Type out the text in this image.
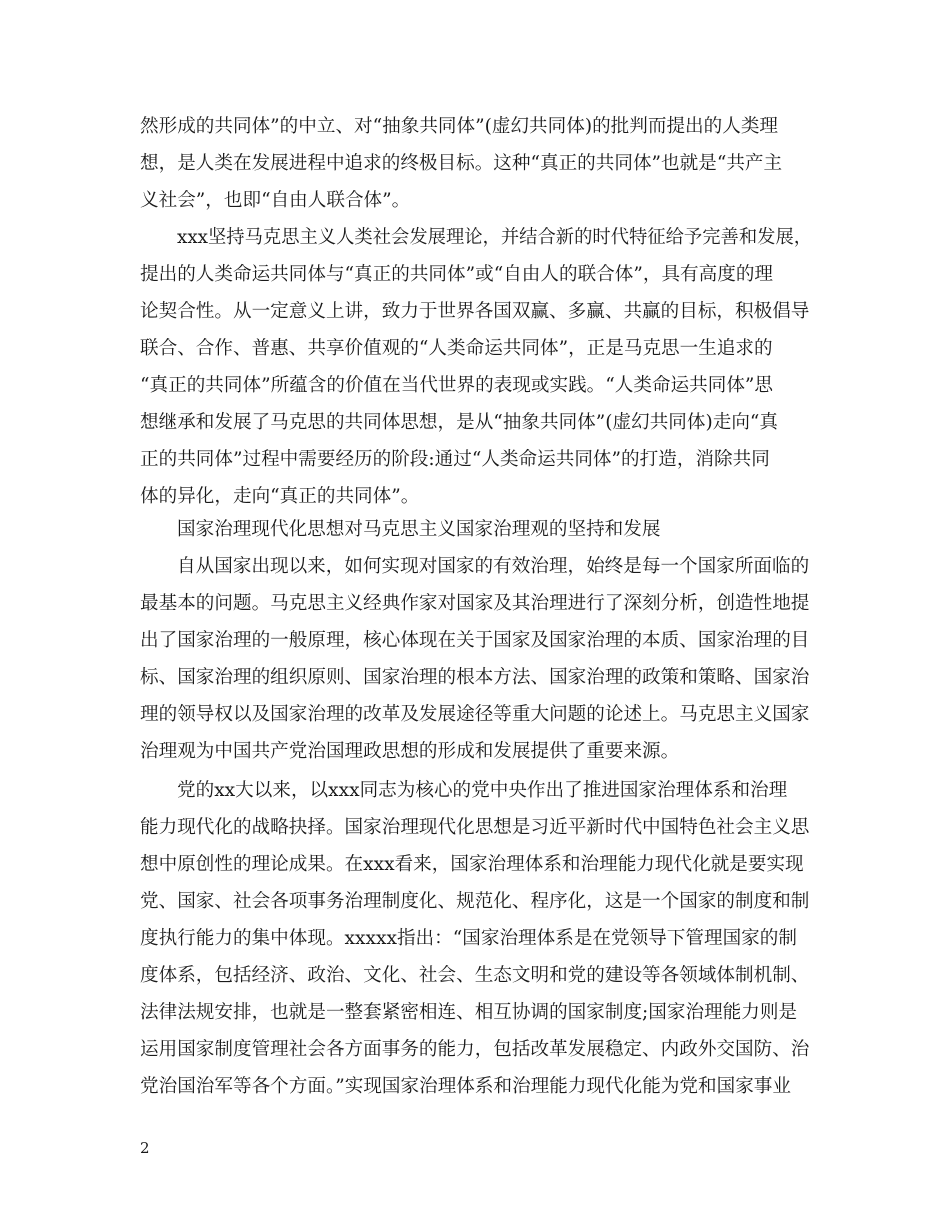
然形成的共同体”的中立、对“抽象共同体”(虚幻共同体)的批判而提出的人类理
想，是人类在发展进程中追求的终极目标。这种“真正的共同体”也就是“共产主
义社会”，也即“自由人联合体”。
xxx坚持马克思主义人类社会发展理论，并结合新的时代特征给予完善和发展，
提出的人类命运共同体与“真正的共同体”或“自由人的联合体”，具有高度的理
论契合性。从一定意义上讲，致力于世界各国双赢、多赢、共赢的目标，积极倡导
联合、合作、普惠、共享价值观的“人类命运共同体”，正是马克思一生追求的
“真正的共同体”所蕴含的价值在当代世界的表现或实践。“人类命运共同体”思
想继承和发展了马克思的共同体思想，是从“抽象共同体”(虚幻共同体)走向“真
正的共同体”过程中需要经历的阶段:通过“人类命运共同体”的打造，消除共同
体的异化，走向“真正的共同体”。
国家治理现代化思想对马克思主义国家治理观的坚持和发展
自从国家出现以来，如何实现对国家的有效治理，始终是每一个国家所面临的
最基本的问题。马克思主义经典作家对国家及其治理进行了深刻分析，创造性地提
出了国家治理的一般原理，核心体现在关于国家及国家治理的本质、国家治理的目
标、国家治理的组织原则、国家治理的根本方法、国家治理的政策和策略、国家治
理的领导权以及国家治理的改革及发展途径等重大问题的论述上。马克思主义国家
治理观为中国共产党治国理政思想的形成和发展提供了重要来源。
党的xx大以来，以xxx同志为核心的党中央作出了推进国家治理体系和治理
能力现代化的战略抉择。国家治理现代化思想是习近平新时代中国特色社会主义思
想中原创性的理论成果。在xxx看来，国家治理体系和治理能力现代化就是要实现
党、国家、社会各项事务治理制度化、规范化、程序化，这是一个国家的制度和制
度执行能力的集中体现。xxxxx指出：“国家治理体系是在党领导下管理国家的制
度体系，包括经济、政治、文化、社会、生态文明和党的建设等各领域体制机制、
法律法规安排，也就是一整套紧密相连、相互协调的国家制度;国家治理能力则是
运用国家制度管理社会各方面事务的能力，包括改革发展稳定、内政外交国防、治
党治国治军等各个方面。”实现国家治理体系和治理能力现代化能为党和国家事业
2
